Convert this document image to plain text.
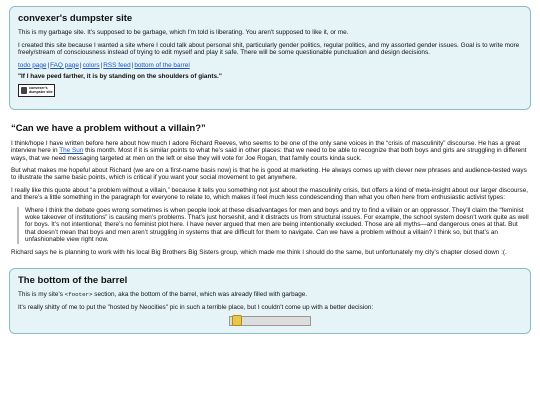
convexer's dumpster site

This is my garbage site. It's supposed to be garbage, which I'm told is liberating. You aren't supposed to like it, or me.

I created this site because I wanted a site where I could talk about personal shit, particularly gender politics, regular politics, and my assorted gender issues. Goal is to write more freely/stream of consciousness instead of trying to edit myself and play it safe. There will be some questionable punctuation and design decisions.

todo page|FAQ page|colors|RSS feed|bottom of the barrel
"If I have peed farther, it is by standing on the shoulders of giants."
convexer's dumpster site
“Can we have a problem without a villain?”

I think/hope I have written before here about how much I adore Richard Reeves, who seems to be one of the only sane voices in the “crisis of masculinity” discourse. He has a great interview here in The Sun this month. Most if it is similar points to what he’s said in other places: that we need to be able to recognize that both boys and girls are struggling in different ways, that we need messaging targeted at men on the left or else they will vote for Joe Rogan, that family courts kinda suck.

But what makes me hopeful about Richard (we are on a first-name basis now) is that he is good at marketing. He always comes up with clever new phrases and audience-tested ways to illustrate the same basic points, which is critical if you want your social movement to get anywhere.

I really like this quote about “a problem without a villain,” because it tells you something not just about the masculinity crisis, but offers a kind of meta-insight about our larger discourse, and there’s a little something in the paragraph for everyone to relate to, which makes it feel much less condescending than what you often here from enthusiastic activist types:

Where I think the debate goes wrong sometimes is when people look at these disadvantages for men and boys and try to find a villain or an oppressor. They’ll claim the “feminist woke takeover of institutions” is causing men’s problems. That’s just horseshit, and it distracts us from structural issues. For example, the school system doesn’t work quite as well for boys. It’s not intentional; there’s no feminist plot here. I have never argued that men are being intentionally excluded. Those are all myths—and dangerous ones at that. But that doesn’t mean that boys and men aren’t struggling in systems that are difficult for them to navigate. Can we have a problem without a villain? I think so, but that’s an unfashionable view right now.

Richard says he is planning to work with his local Big Brothers Big Sisters group, which made me think I should do the same, but unfortunately my city’s chapter closed down :(.

The bottom of the barrel

This is my site's <footer> section, aka the bottom of the barrel, which was already filled with garbage.

It's really shitty of me to put the "hosted by Neocities" pic in such a terrible place, but I couldn't come up with a better decision:
